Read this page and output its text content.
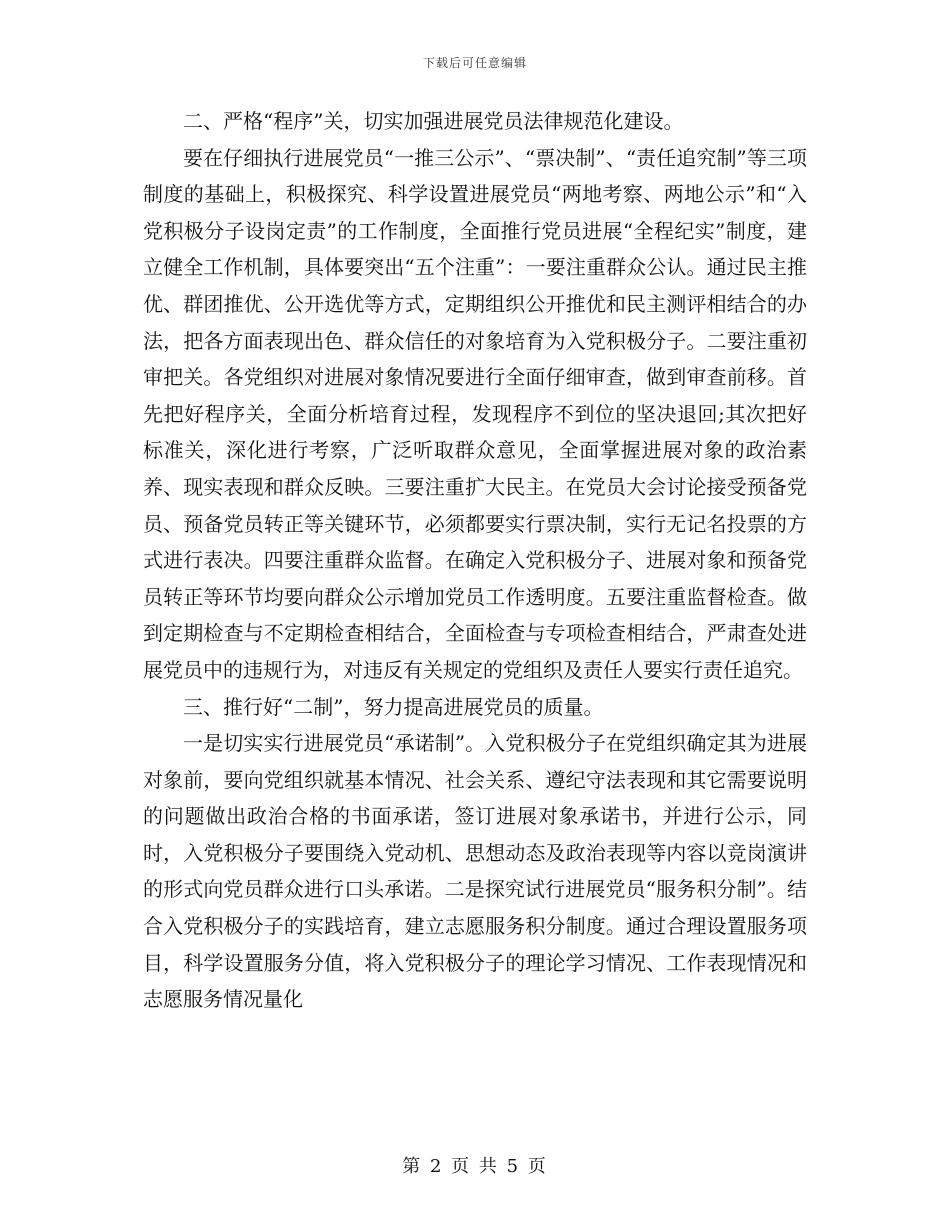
下载后可任意编辑

二、严格“程序”关，切实加强进展党员法律规范化建设。

要在仔细执行进展党员“一推三公示”、“票决制”、“责任追究制”等三项制度的基础上，积极探究、科学设置进展党员“两地考察、两地公示”和“入党积极分子设岗定责”的工作制度，全面推行党员进展“全程纪实”制度，建立健全工作机制，具体要突出“五个注重”：一要注重群众公认。通过民主推优、群团推优、公开选优等方式，定期组织公开推优和民主测评相结合的办法，把各方面表现出色、群众信任的对象培育为入党积极分子。二要注重初审把关。各党组织对进展对象情况要进行全面仔细审查，做到审查前移。首先把好程序关，全面分析培育过程，发现程序不到位的坚决退回;其次把好标准关，深化进行考察，广泛听取群众意见，全面掌握进展对象的政治素养、现实表现和群众反映。三要注重扩大民主。在党员大会讨论接受预备党员、预备党员转正等关键环节，必须都要实行票决制，实行无记名投票的方式进行表决。四要注重群众监督。在确定入党积极分子、进展对象和预备党员转正等环节均要向群众公示增加党员工作透明度。五要注重监督检查。做到定期检查与不定期检查相结合，全面检查与专项检查相结合，严肃查处进展党员中的违规行为，对违反有关规定的党组织及责任人要实行责任追究。

三、推行好“二制”，努力提高进展党员的质量。

一是切实实行进展党员“承诺制”。入党积极分子在党组织确定其为进展对象前，要向党组织就基本情况、社会关系、遵纪守法表现和其它需要说明的问题做出政治合格的书面承诺，签订进展对象承诺书，并进行公示，同时，入党积极分子要围绕入党动机、思想动态及政治表现等内容以竞岗演讲的形式向党员群众进行口头承诺。二是探究试行进展党员“服务积分制”。结合入党积极分子的实践培育，建立志愿服务积分制度。通过合理设置服务项目，科学设置服务分值，将入党积极分子的理论学习情况、工作表现情况和志愿服务情况量化

第 2 页 共 5 页
